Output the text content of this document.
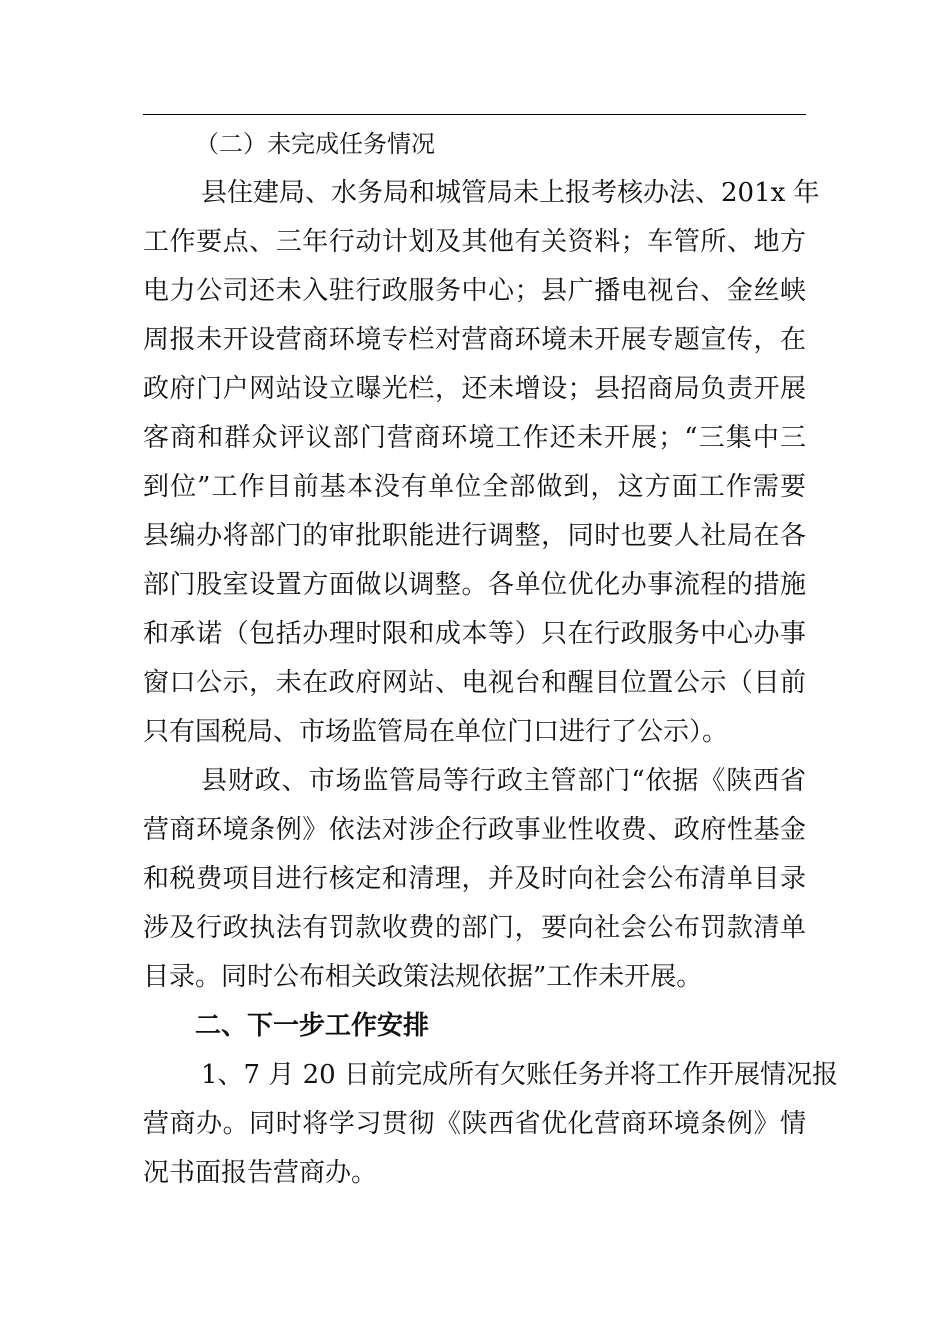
（二）未完成任务情况
县住建局、水务局和城管局未上报考核办法、201x 年
工作要点、三年行动计划及其他有关资料；车管所、地方
电力公司还未入驻行政服务中心；县广播电视台、金丝峡
周报未开设营商环境专栏对营商环境未开展专题宣传，在
政府门户网站设立曝光栏，还未增设；县招商局负责开展
客商和群众评议部门营商环境工作还未开展；“三集中三
到位”工作目前基本没有单位全部做到，这方面工作需要
县编办将部门的审批职能进行调整，同时也要人社局在各
部门股室设置方面做以调整。各单位优化办事流程的措施
和承诺（包括办理时限和成本等）只在行政服务中心办事
窗口公示，未在政府网站、电视台和醒目位置公示（目前
只有国税局、市场监管局在单位门口进行了公示）。
县财政、市场监管局等行政主管部门“依据《陕西省
营商环境条例》依法对涉企行政事业性收费、政府性基金
和税费项目进行核定和清理，并及时向社会公布清单目录
涉及行政执法有罚款收费的部门，要向社会公布罚款清单
目录。同时公布相关政策法规依据”工作未开展。
二、下一步工作安排
1、7 月 20 日前完成所有欠账任务并将工作开展情况报
营商办。同时将学习贯彻《陕西省优化营商环境条例》情
况书面报告营商办。
